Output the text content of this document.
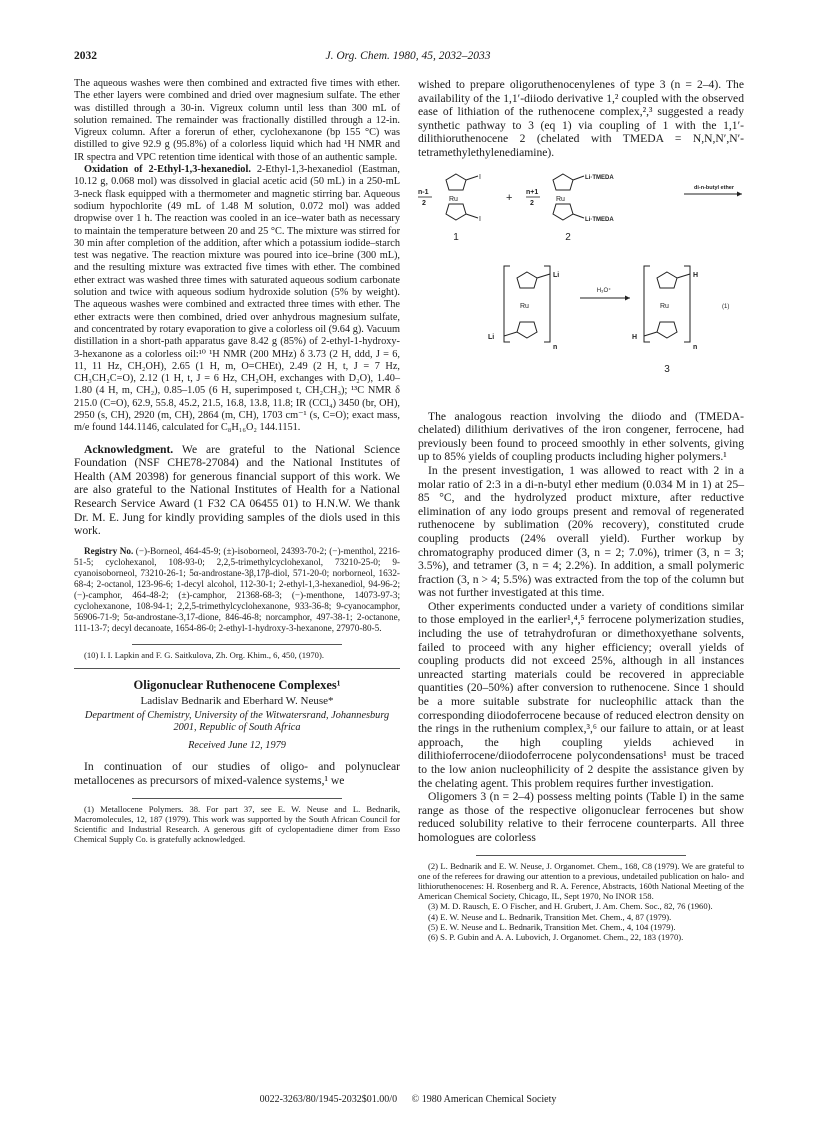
2032	J. Org. Chem. 1980, 45, 2032–2033

The aqueous washes were then combined and extracted five times with ether. The ether layers were combined and dried over magnesium sulfate. The ether was distilled through a 30-in. Vigreux column until less than 300 mL of solution remained. The remainder was fractionally distilled through a 12-in. Vigreux column. After a forerun of ether, cyclohexanone (bp 155 °C) was distilled to give 92.9 g (95.8%) of a colorless liquid which had ¹H NMR and IR spectra and VPC retention time identical with those of an authentic sample.

Oxidation of 2-Ethyl-1,3-hexanediol. 2-Ethyl-1,3-hexanediol (Eastman, 10.12 g, 0.068 mol) was dissolved in glacial acetic acid (50 mL) in a 250-mL 3-neck flask equipped with a thermometer and magnetic stirring bar. Aqueous sodium hypochlorite (49 mL of 1.48 M solution, 0.072 mol) was added dropwise over 1 h. The reaction was cooled in an ice–water bath as necessary to maintain the temperature between 20 and 25 °C. The mixture was stirred for 30 min after completion of the addition, after which a potassium iodide–starch test was negative. The reaction mixture was poured into ice–brine (300 mL), and the resulting mixture was extracted five times with ether. The combined ether extract was washed three times with saturated aqueous sodium carbonate solution and twice with aqueous sodium hydroxide solution (5% by weight). The aqueous washes were combined and extracted three times with ether. The ether extracts were then combined, dried over anhydrous magnesium sulfate, and concentrated by rotary evaporation to give a colorless oil (9.64 g). Vacuum distillation in a short-path apparatus gave 8.42 g (85%) of 2-ethyl-1-hydroxy-3-hexanone as a colorless oil:¹⁰ ¹H NMR (200 MHz) δ 3.73 (2 H, ddd, J = 6, 11, 11 Hz, CH₂OH), 2.65 (1 H, m, O=CHEt), 2.49 (2 H, t, J = 7 Hz, CH₃CH₂C=O), 2.12 (1 H, t, J = 6 Hz, CH₂OH, exchanges with D₂O), 1.40–1.80 (4 H, m, CH₂), 0.85–1.05 (6 H, superimposed t, CH₂CH₃); ¹³C NMR δ 215.0 (C=O), 62.9, 55.8, 45.2, 21.5, 16.8, 13.8, 11.8; IR (CCl₄) 3450 (br, OH), 2950 (s, CH), 2920 (m, CH), 2864 (m, CH), 1703 cm⁻¹ (s, C=O); exact mass, m/e found 144.1146, calculated for C₈H₁₆O₂ 144.1151.

Acknowledgment. We are grateful to the National Science Foundation (NSF CHE78-27084) and the National Institutes of Health (AM 20398) for generous financial support of this work. We are also grateful to the National Institutes of Health for a National Research Service Award (1 F32 CA 06455 01) to H.N.W. We thank Dr. M. E. Jung for kindly providing samples of the diols used in this work.

Registry No. (−)-Borneol, 464-45-9; (±)-isoborneol, 24393-70-2; (−)-menthol, 2216-51-5; cyclohexanol, 108-93-0; 2,2,5-trimethylcyclohexanol, 73210-25-0; 9-cyanoisoborneol, 73210-26-1; 5α-androstane-3β,17β-diol, 571-20-0; norborneol, 1632-68-4; 2-octanol, 123-96-6; 1-decyl alcohol, 112-30-1; 2-ethyl-1,3-hexanediol, 94-96-2; (−)-camphor, 464-48-2; (±)-camphor, 21368-68-3; (−)-menthone, 14073-97-3; cyclohexanone, 108-94-1; 2,2,5-trimethylcyclohexanone, 933-36-8; 9-cyanocamphor, 56906-71-9; 5α-androstane-3,17-dione, 846-46-8; norcamphor, 497-38-1; 2-octanone, 111-13-7; decyl decanoate, 1654-86-0; 2-ethyl-1-hydroxy-3-hexanone, 27970-80-5.

(10) I. I. Lapkin and F. G. Saitkulova, Zh. Org. Khim., 6, 450, (1970).

Oligonuclear Ruthenocene Complexes¹

Ladislav Bednarik and Eberhard W. Neuse*

Department of Chemistry, University of the Witwatersrand, Johannesburg 2001, Republic of South Africa

Received June 12, 1979

In continuation of our studies of oligo- and polynuclear metallocenes as precursors of mixed-valence systems,¹ we

(1) Metallocene Polymers. 38. For part 37, see E. W. Neuse and L. Bednarik, Macromolecules, 12, 187 (1979). This work was supported by the South African Council for Scientific and Industrial Research. A generous gift of cyclopentadiene dimer from Esso Chemical Supply Co. is gratefully acknowledged.

wished to prepare oligoruthenocenylenes of type 3 (n = 2–4). The availability of the 1,1′-diiodo derivative 1,² coupled with the observed ease of lithiation of the ruthenocene complex,²,³ suggested a ready synthetic pathway to 3 (eq 1) via coupling of 1 with the 1,1′-dilithioruthenocene 2 (chelated with TMEDA = N,N,N′,N′-tetramethylethylenediamine).

Ru
I
I
n-1
2
1
+ n+1
2
Ru
Li·TMEDA
Li·TMEDA
2
di-n-butyl ether
Li
Li
Ru
n
H₃O⁺
H
H
Ru
n
(1)
3

The analogous reaction involving the diiodo and (TMEDA-chelated) dilithium derivatives of the iron congener, ferrocene, had previously been found to proceed smoothly in ether solvents, giving up to 85% yields of coupling products including higher polymers.¹

In the present investigation, 1 was allowed to react with 2 in a molar ratio of 2:3 in a di-n-butyl ether medium (0.034 M in 1) at 25–85 °C, and the hydrolyzed product mixture, after reductive elimination of any iodo groups present and removal of regenerated ruthenocene by sublimation (20% recovery), constituted crude coupling products (24% overall yield). Further workup by chromatography produced dimer (3, n = 2; 7.0%), trimer (3, n = 3; 3.5%), and tetramer (3, n = 4; 2.2%). In addition, a small polymeric fraction (3, n > 4; 5.5%) was extracted from the top of the column but was not further investigated at this time.

Other experiments conducted under a variety of conditions similar to those employed in the earlier¹,⁴,⁵ ferrocene polymerization studies, including the use of tetrahydrofuran or dimethoxyethane solvents, failed to proceed with any higher efficiency; overall yields of coupling products did not exceed 25%, although in all instances unreacted starting materials could be recovered in appreciable quantities (20–50%) after conversion to ruthenocene. Since 1 should be a more suitable substrate for nucleophilic attack than the corresponding diiodoferrocene because of reduced electron density on the rings in the ruthenium complex,³,⁶ our failure to attain, or at least approach, the high coupling yields achieved in dilithioferrocene/diiodoferrocene polycondensations¹ must be traced to the low anion nucleophilicity of 2 despite the assistance given by the chelating agent. This problem requires further investigation.

Oligomers 3 (n = 2–4) possess melting points (Table I) in the same range as those of the respective oligonuclear ferrocenes but show reduced solubility relative to their ferrocene counterparts. All three homologues are colorless

(2) L. Bednarik and E. W. Neuse, J. Organomet. Chem., 168, C8 (1979). We are grateful to one of the referees for drawing our attention to a previous, undetailed publication on halo- and lithioruthenocenes: H. Rosenberg and R. A. Ference, Abstracts, 160th National Meeting of the American Chemical Society, Chicago, IL, Sept 1970, No INOR 158.

(3) M. D. Rausch, E. O Fischer, and H. Grubert, J. Am. Chem. Soc., 82, 76 (1960).

(4) E. W. Neuse and L. Bednarik, Transition Met. Chem., 4, 87 (1979).

(5) E. W. Neuse and L. Bednarik, Transition Met. Chem., 4, 104 (1979).

(6) S. P. Gubin and A. A. Lubovich, J. Organomet. Chem., 22, 183 (1970).

0022-3263/80/1945-2032$01.00/0 © 1980 American Chemical Society
